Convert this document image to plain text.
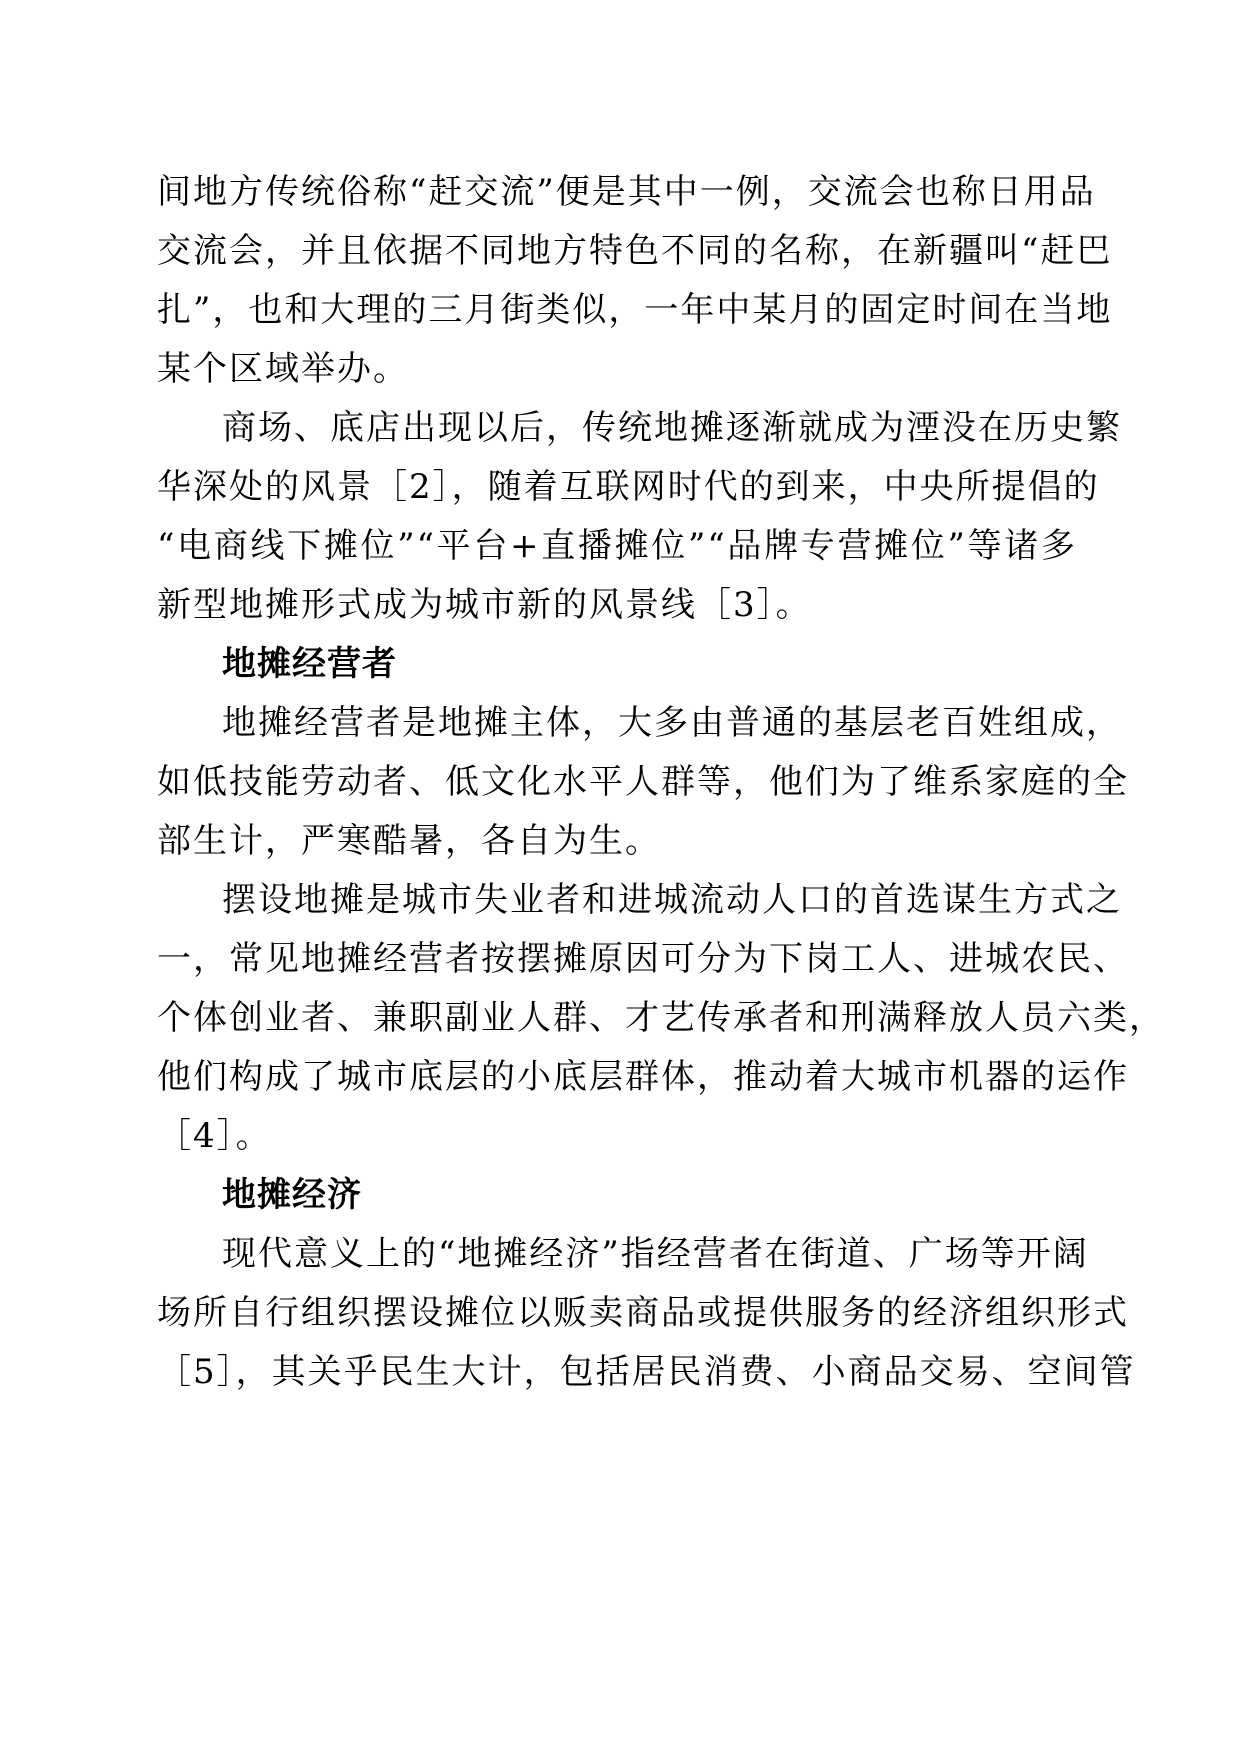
间地方传统俗称“赶交流”便是其中一例，交流会也称日用品
交流会，并且依据不同地方特色不同的名称，在新疆叫“赶巴
扎”，也和大理的三月街类似，一年中某月的固定时间在当地
某个区域举办。
商场、底店出现以后，传统地摊逐渐就成为湮没在历史繁
华深处的风景［2］，随着互联网时代的到来，中央所提倡的
“电商线下摊位”“平台+直播摊位”“品牌专营摊位”等诸多
新型地摊形式成为城市新的风景线［3］。
地摊经营者
地摊经营者是地摊主体，大多由普通的基层老百姓组成，
如低技能劳动者、低文化水平人群等，他们为了维系家庭的全
部生计，严寒酷暑，各自为生。
摆设地摊是城市失业者和进城流动人口的首选谋生方式之
一，常见地摊经营者按摆摊原因可分为下岗工人、进城农民、
个体创业者、兼职副业人群、才艺传承者和刑满释放人员六类，
他们构成了城市底层的小底层群体，推动着大城市机器的运作
［4］。
地摊经济
现代意义上的“地摊经济”指经营者在街道、广场等开阔
场所自行组织摆设摊位以贩卖商品或提供服务的经济组织形式
［5］，其关乎民生大计，包括居民消费、小商品交易、空间管
